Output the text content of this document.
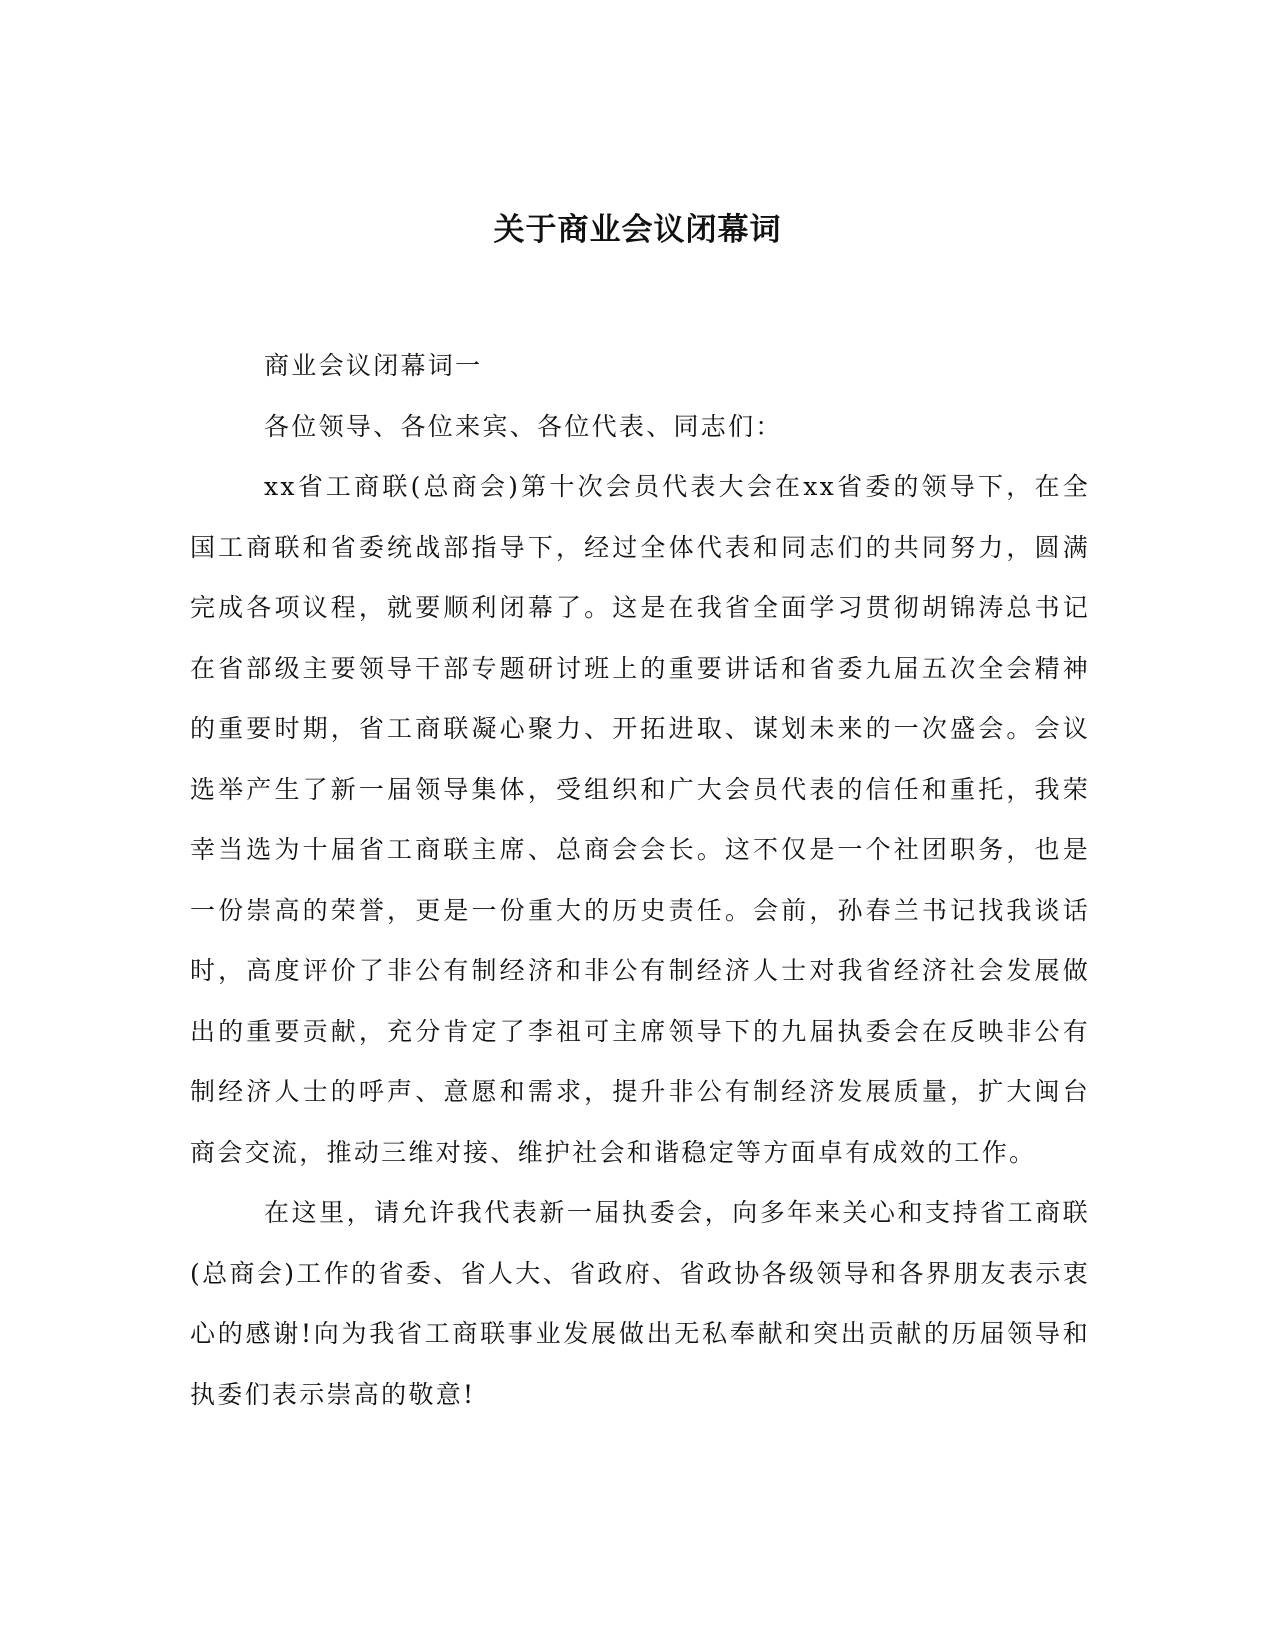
关于商业会议闭幕词

商业会议闭幕词一

各位领导、各位来宾、各位代表、同志们：

xx省工商联(总商会)第十次会员代表大会在xx省委的领导下，在全国工商联和省委统战部指导下，经过全体代表和同志们的共同努力，圆满完成各项议程，就要顺利闭幕了。这是在我省全面学习贯彻胡锦涛总书记在省部级主要领导干部专题研讨班上的重要讲话和省委九届五次全会精神的重要时期，省工商联凝心聚力、开拓进取、谋划未来的一次盛会。会议选举产生了新一届领导集体，受组织和广大会员代表的信任和重托，我荣幸当选为十届省工商联主席、总商会会长。这不仅是一个社团职务，也是一份崇高的荣誉，更是一份重大的历史责任。会前，孙春兰书记找我谈话时，高度评价了非公有制经济和非公有制经济人士对我省经济社会发展做出的重要贡献，充分肯定了李祖可主席领导下的九届执委会在反映非公有制经济人士的呼声、意愿和需求，提升非公有制经济发展质量，扩大闽台商会交流，推动三维对接、维护社会和谐稳定等方面卓有成效的工作。

在这里，请允许我代表新一届执委会，向多年来关心和支持省工商联(总商会)工作的省委、省人大、省政府、省政协各级领导和各界朋友表示衷心的感谢!向为我省工商联事业发展做出无私奉献和突出贡献的历届领导和执委们表示崇高的敬意!
